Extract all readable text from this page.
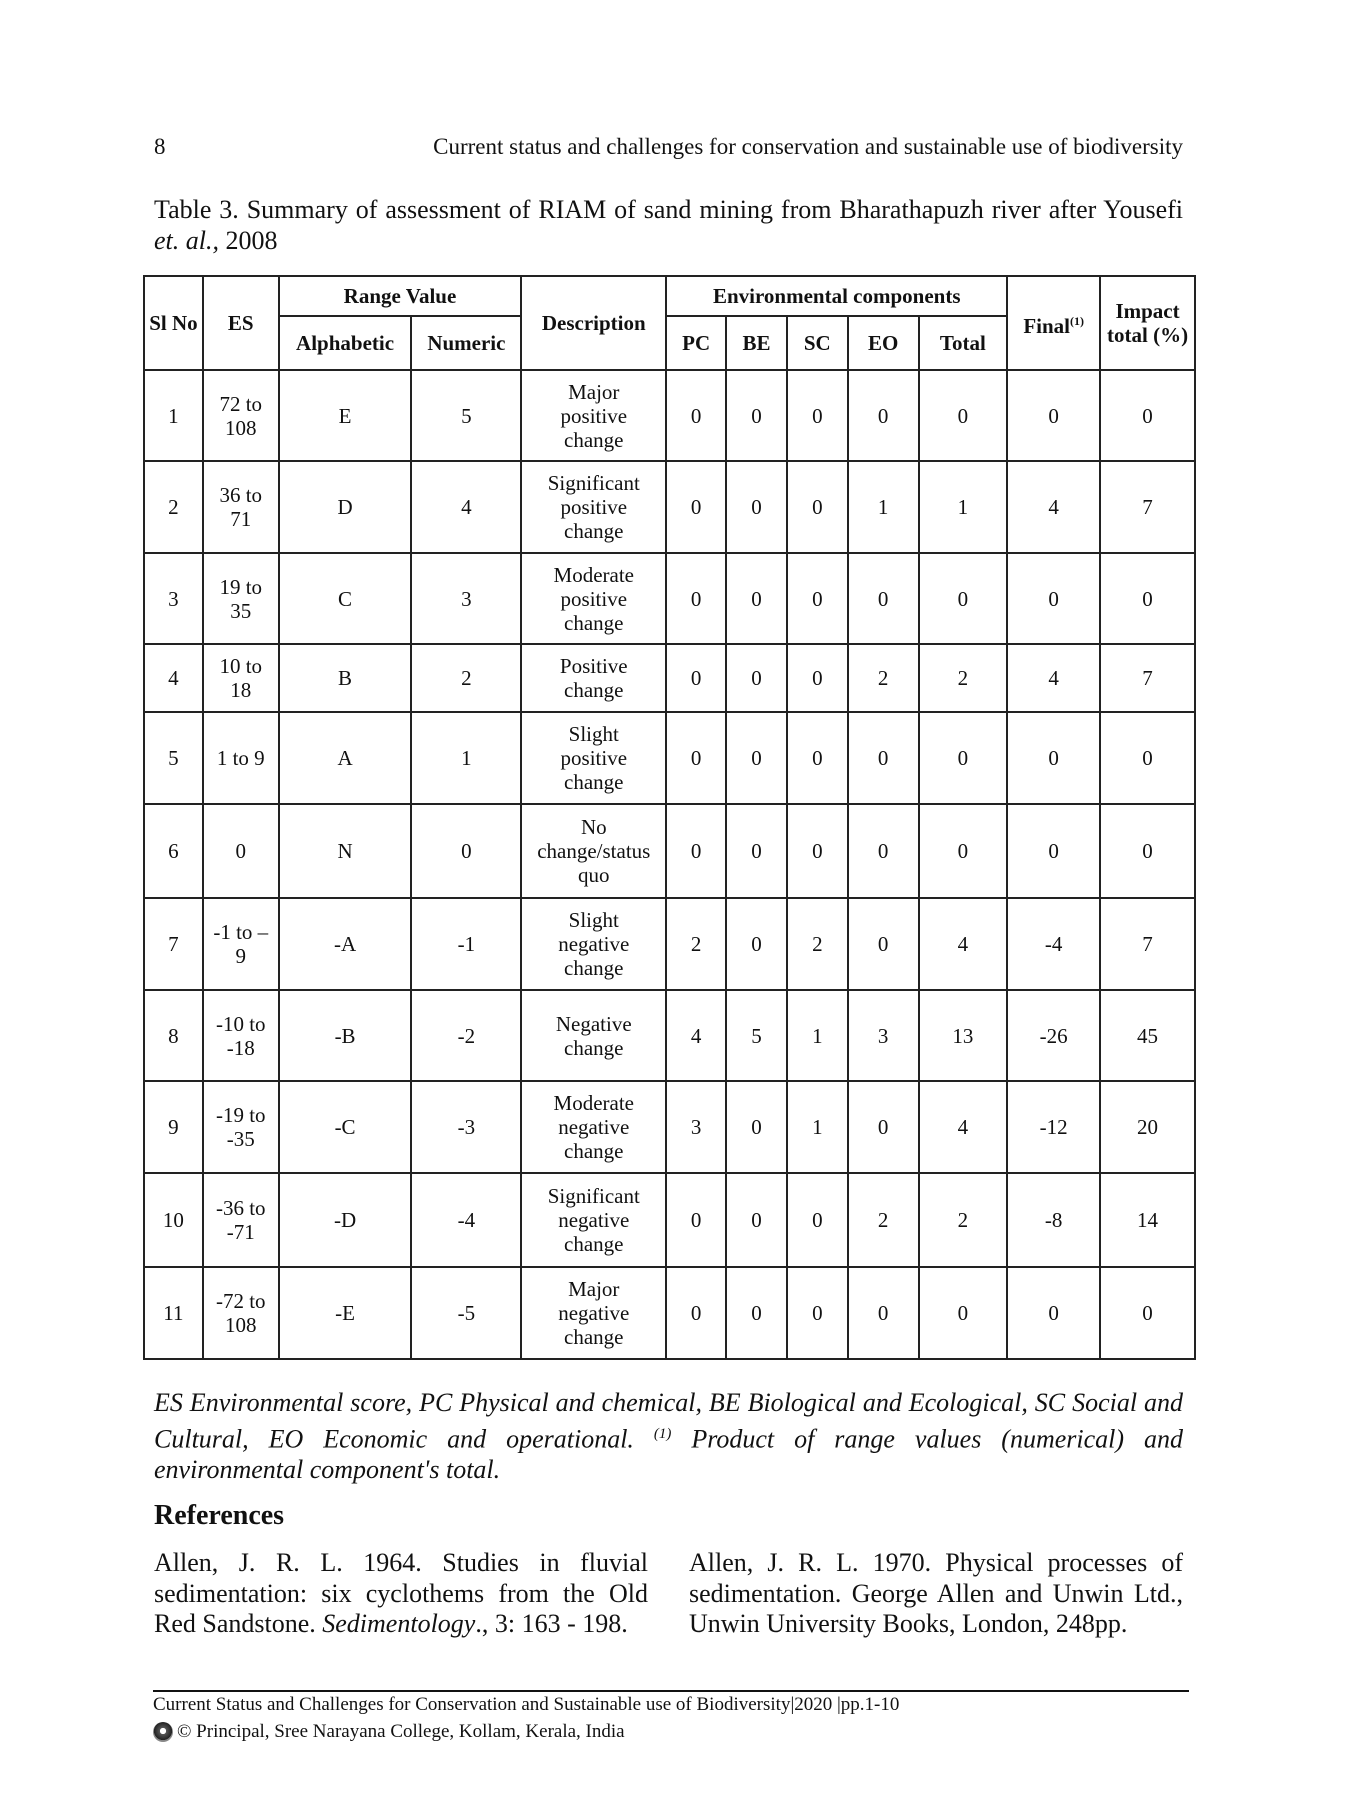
8	Current status and challenges for conservation and sustainable use of biodiversity
Table 3. Summary of assessment of RIAM of sand mining from Bharathapuzh river after Yousefi et. al., 2008
Sl No	ES	Range Value		Description	Environmental components					Final$^{(1)}$	Impact total (%)
		Alphabetic	Numeric		PC	BE	SC	EO	Total		
1	72 to 108	E	5	Major positive change	0	0	0	0	0	0	0
2	36 to 71	D	4	Significant positive change	0	0	0	1	1	4	7
3	19 to 35	C	3	Moderate positive change	0	0	0	0	0	0	0
4	10 to 18	B	2	Positive change	0	0	0	2	2	4	7
5	1 to 9	A	1	Slight positive change	0	0	0	0	0	0	0
6	0	N	0	No change/status quo	0	0	0	0	0	0	0
7	-1 to –9	-A	-1	Slight negative change	2	0	2	0	4	-4	7
8	-10 to -18	-B	-2	Negative change	4	5	1	3	13	-26	45
9	-19 to -35	-C	-3	Moderate negative change	3	0	1	0	4	-12	20
10	-36 to -71	-D	-4	Significant negative change	0	0	0	2	2	-8	14
11	-72 to 108	-E	-5	Major negative change	0	0	0	0	0	0	0
ES Environmental score, PC Physical and chemical, BE Biological and Ecological, SC Social and Cultural, EO Economic and operational. $^{(1)}$ Product of range values (numerical) and environmental component's total.
References
Allen, J. R. L. 1964. Studies in fluvial sedimentation: six cyclothems from the Old Red Sandstone. Sedimentology., 3: 163 - 198.
Allen, J. R. L. 1970. Physical processes of sedimentation. George Allen and Unwin Ltd., Unwin University Books, London, 248pp.
Current Status and Challenges for Conservation and Sustainable use of Biodiversity|2020 |pp.1-10
© Principal, Sree Narayana College, Kollam, Kerala, India
